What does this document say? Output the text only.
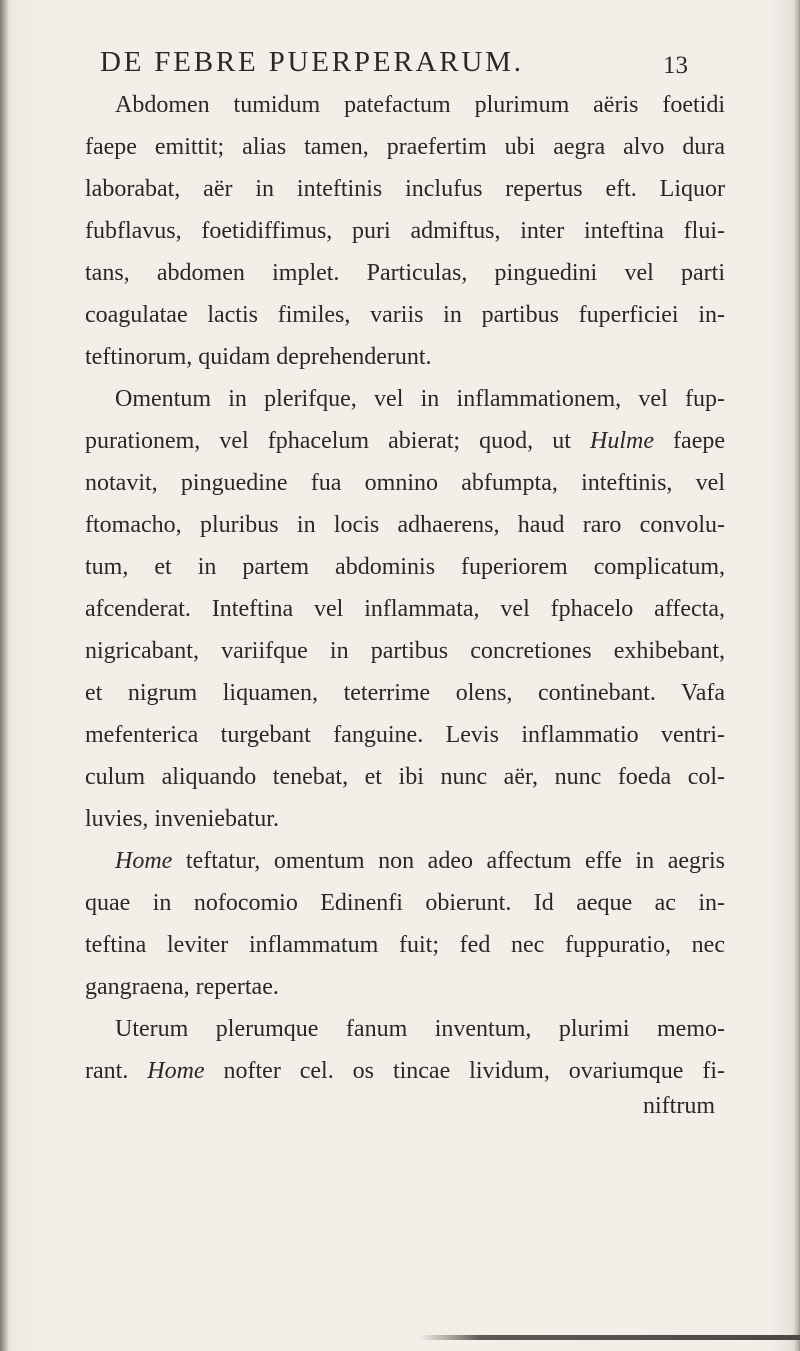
DE FEBRE PUERPERARUM.	13
Abdomen tumidum patefactum plurimum aëris foetidi
faepe emittit; alias tamen, praefertim ubi aegra alvo dura
laborabat, aër in inteftinis inclufus repertus eft. Liquor
fubflavus, foetidiffimus, puri admiftus, inter inteftina flui-
tans, abdomen implet. Particulas, pinguedini vel parti
coagulatae lactis fimiles, variis in partibus fuperficiei in-
teftinorum, quidam deprehenderunt.
Omentum in plerifque, vel in inflammationem, vel fup-
purationem, vel fphacelum abierat; quod, ut Hulme faepe
notavit, pinguedine fua omnino abfumpta, inteftinis, vel
ftomacho, pluribus in locis adhaerens, haud raro convolu-
tum, et in partem abdominis fuperiorem complicatum,
afcenderat. Inteftina vel inflammata, vel fphacelo affecta,
nigricabant, variifque in partibus concretiones exhibebant,
et nigrum liquamen, teterrime olens, continebant. Vafa
mefenterica turgebant fanguine. Levis inflammatio ventri-
culum aliquando tenebat, et ibi nunc aër, nunc foeda col-
luvies, inveniebatur.
Home teftatur, omentum non adeo affectum effe in aegris
quae in nofocomio Edinenfi obierunt. Id aeque ac in-
teftina leviter inflammatum fuit; fed nec fuppuratio, nec
gangraena, repertae.
Uterum plerumque fanum inventum, plurimi memo-
rant. Home nofter cel. os tincae lividum, ovariumque fi-
niftrum
